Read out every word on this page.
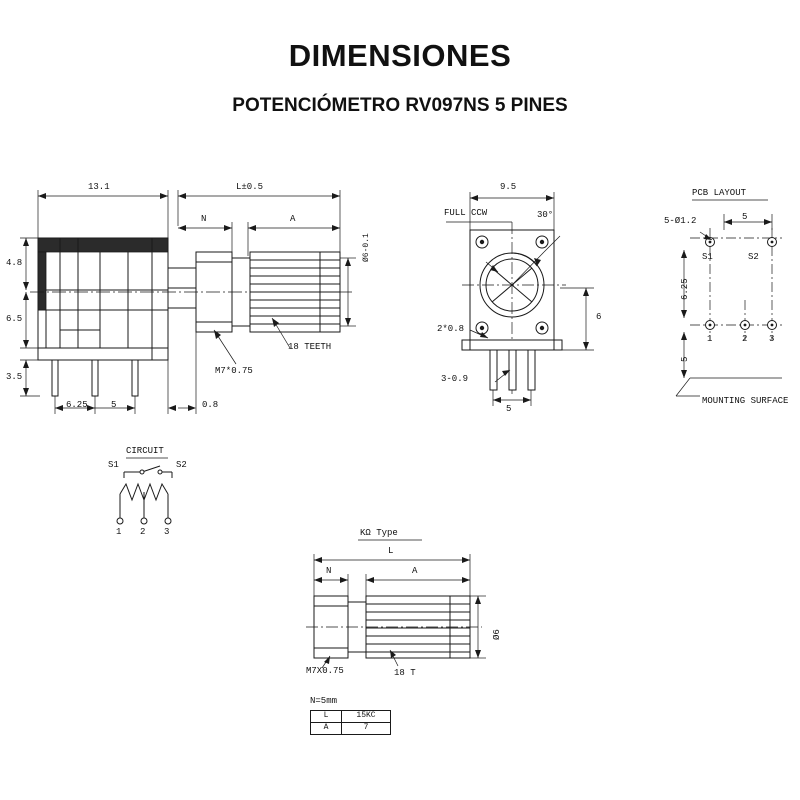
DIMENSIONES
POTENCIÓMETRO RV097NS 5 PINES
13.1	L±0.5
N	A
4.8
6.5
3.5
6.25	5	0.8
Ø6-0.1
M7*0.75
18 TEETH
9.5
FULL CCW	30°
6
2*0.8
3-0.9
5
PCB LAYOUT
5-Ø1.2	5
6.25
5
S1	S2
1	2 3
MOUNTING SURFACE
CIRCUIT
S1	S2
1 2 3	KΩ Type
L
N	A
Ø6
M7X0.75	18 T
N=5mm
L	15KC
A	7
